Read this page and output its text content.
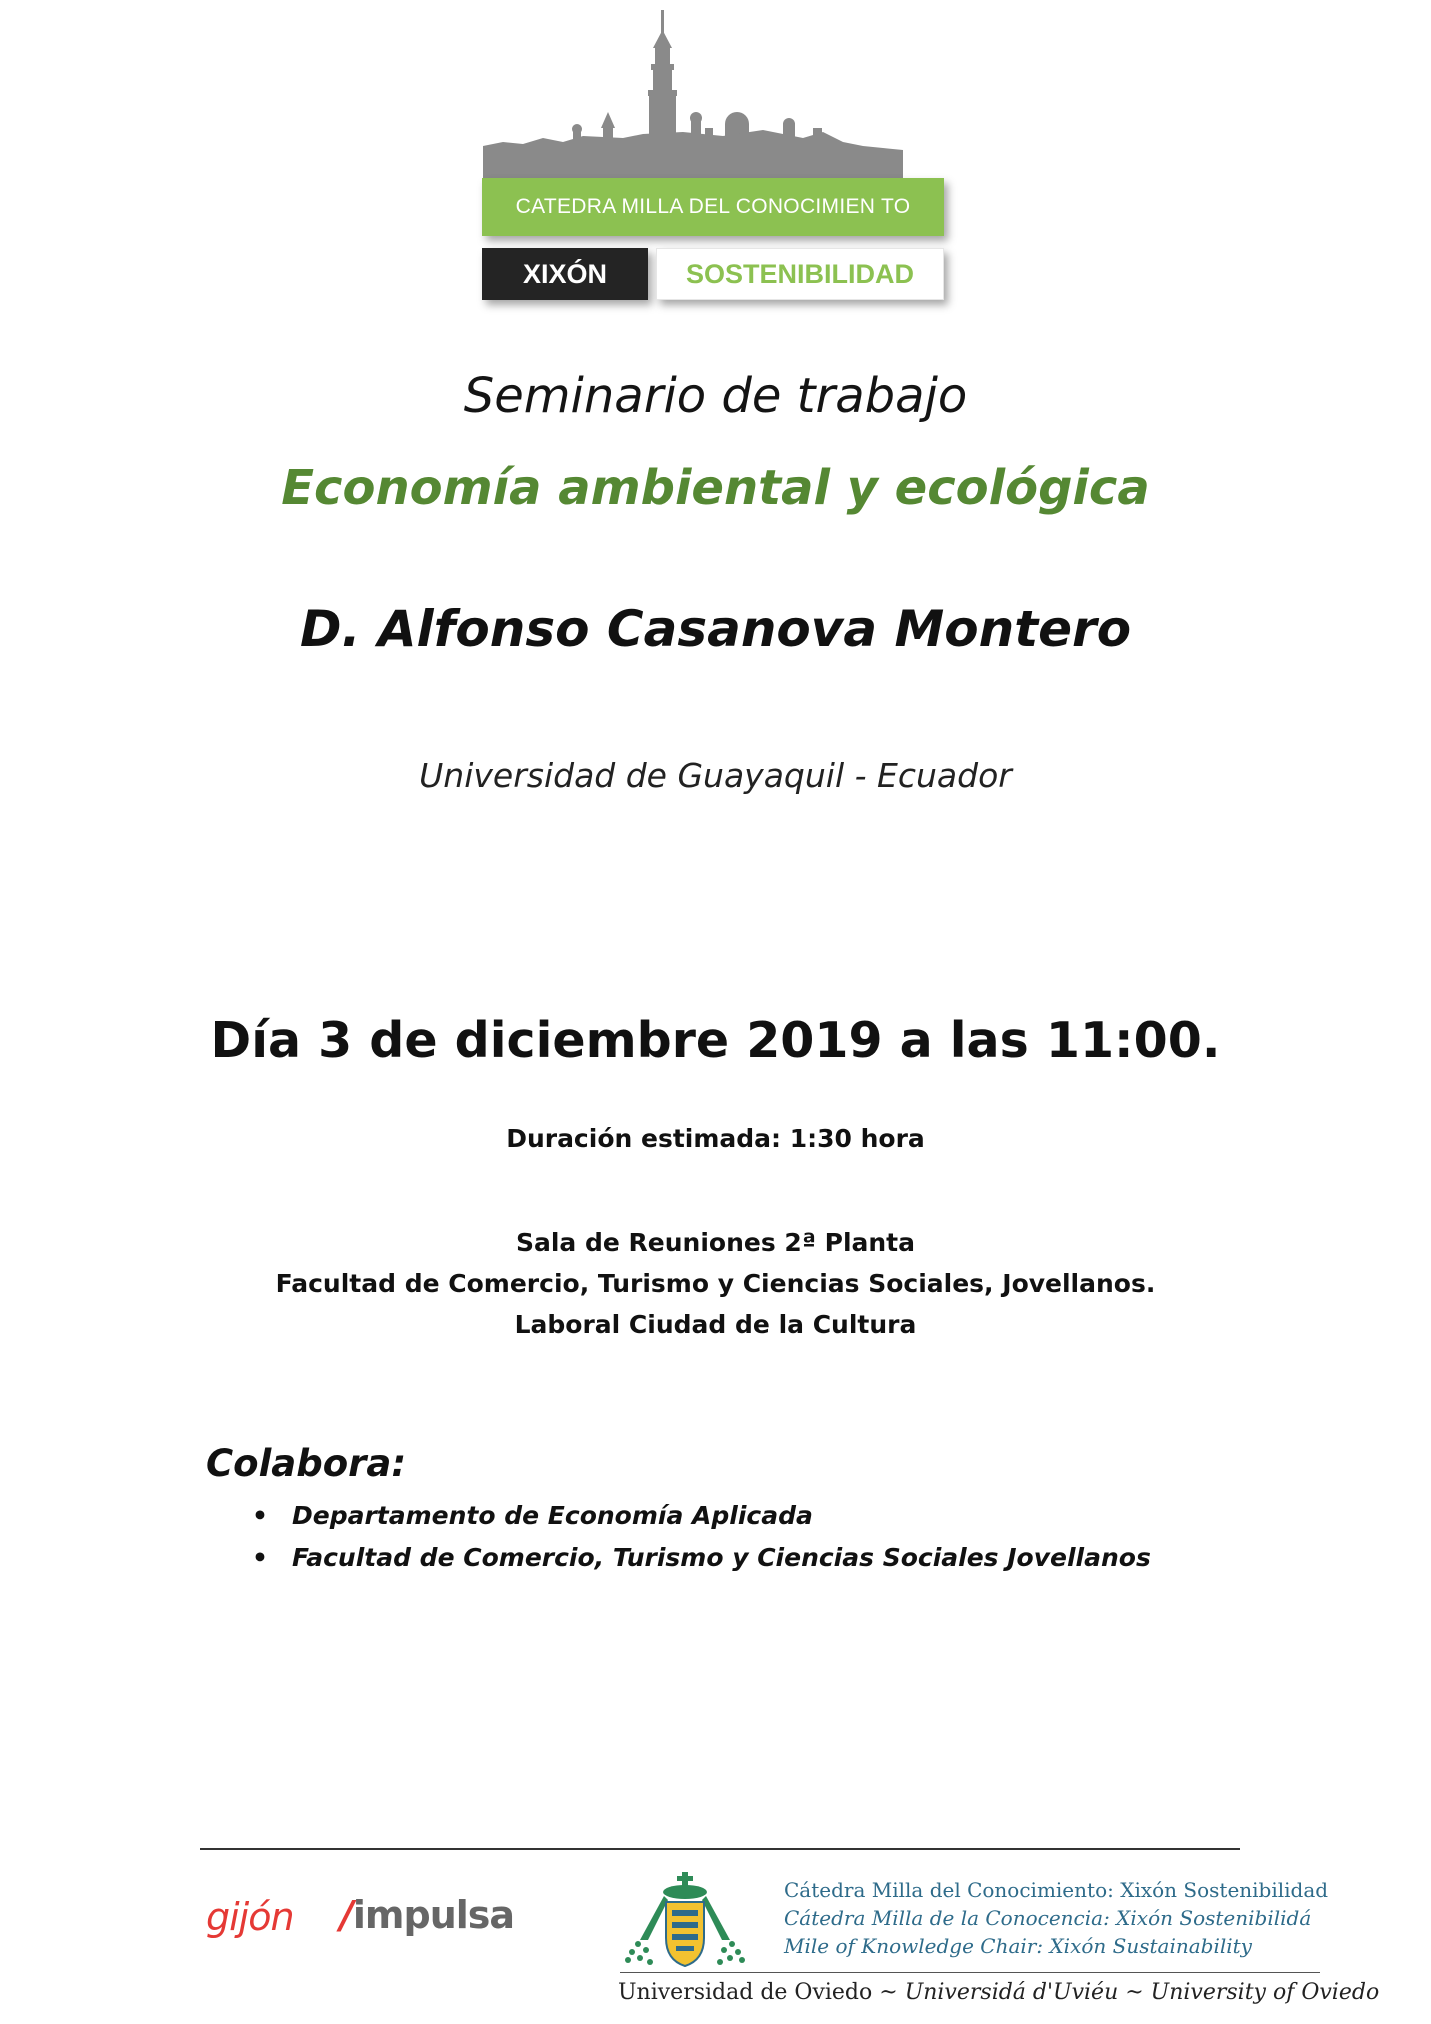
CATEDRA MILLA DEL CONOCIMIEN TO
XIXÓN	SOSTENIBILIDAD
Seminario de trabajo
Economía ambiental y ecológica
D. Alfonso Casanova Montero
Universidad de Guayaquil - Ecuador
Día 3 de diciembre 2019 a las 11:00.
Duración estimada: 1:30 hora
Sala de Reuniones 2ª Planta
Facultad de Comercio, Turismo y Ciencias Sociales, Jovellanos.
Laboral Ciudad de la Cultura
Colabora:
• Departamento de Economía Aplicada
• Facultad de Comercio, Turismo y Ciencias Sociales Jovellanos
gijón /impulsa
Cátedra Milla del Conocimiento: Xixón Sostenibilidad
Cátedra Milla de la Conocencia: Xixón Sostenibilidá
Mile of Knowledge Chair: Xixón Sustainability
Universidad de Oviedo ~ Universidá d'Uviéu ~ University of Oviedo
